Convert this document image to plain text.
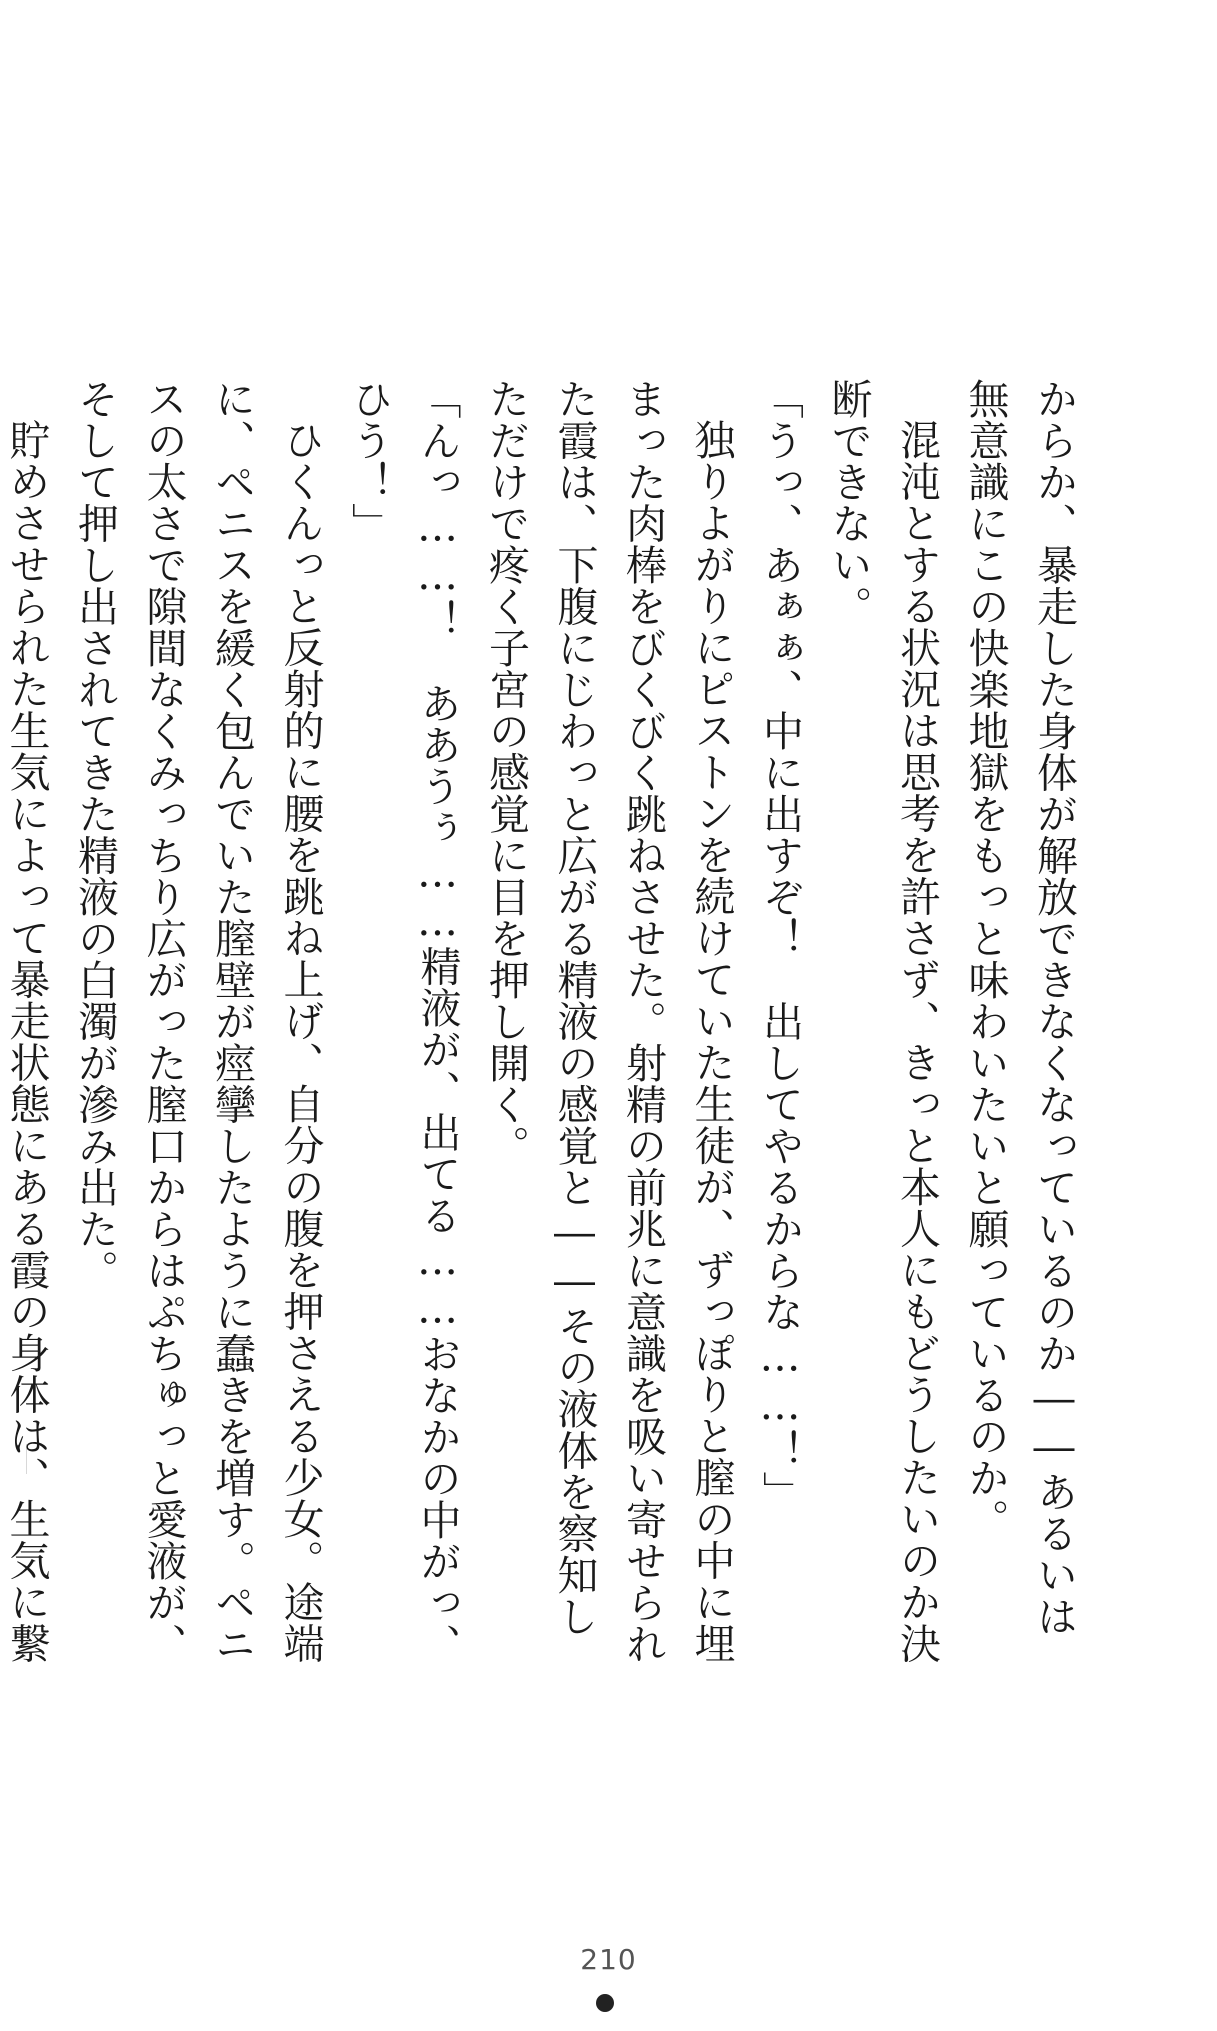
からか、暴走した身体が解放できなくなっているのか――あるいは無意識にこの快楽地獄をもっと味わいたいと願っているのか。

混沌とする状況は思考を許さず、きっと本人にもどうしたいのか決断できない。

「うっ、あぁぁ、中に出すぞ！　出してやるからな……！」

独りよがりにピストンを続けていた生徒が、ずっぽりと膣の中に埋まった肉棒をびくびく跳ねさせた。射精の前兆に意識を吸い寄せられた霞は、下腹にじわっと広がる精液の感覚と――その液体を察知しただけで疼く子宮の感覚に目を押し開く。

「んっ……！　ああうぅ……精液が、出てる……おなかの中がっ、ひう！」

ひくんっと反射的に腰を跳ね上げ、自分の腹を押さえる少女。途端に、ペニスを緩く包んでいた膣壁が痙攣したように蠢きを増す。ペニスの太さで隙間なくみっちり広がった膣口からはぷちゅっと愛液が、そして押し出されてきた精液の白濁が滲み出た。

貯めさせられた生気によって暴走状態にある霞の身体は、生気に繋

210
